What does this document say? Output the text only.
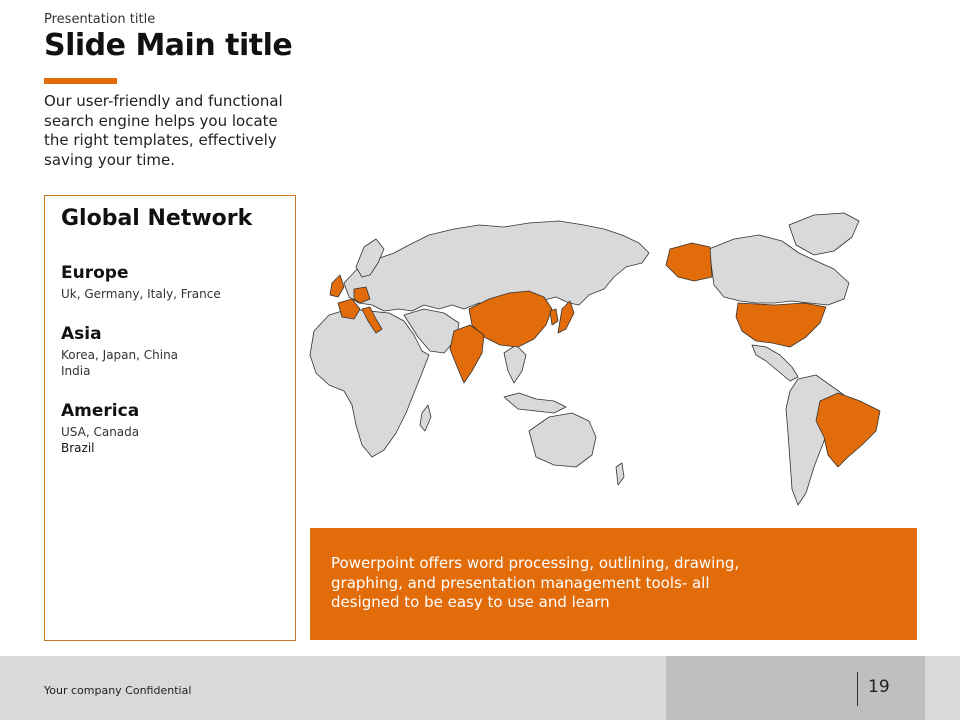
Presentation title
Slide Main title
Our user-friendly and functional search engine helps you locate the right templates, effectively saving your time.
Global Network
Europe
Uk, Germany, Italy, France
Asia
Korea, Japan, China
India
America
USA, Canada
Brazil
Powerpoint offers word processing, outlining, drawing, graphing, and presentation management tools- all designed to be easy to use and learn
Your company Confidential	19
